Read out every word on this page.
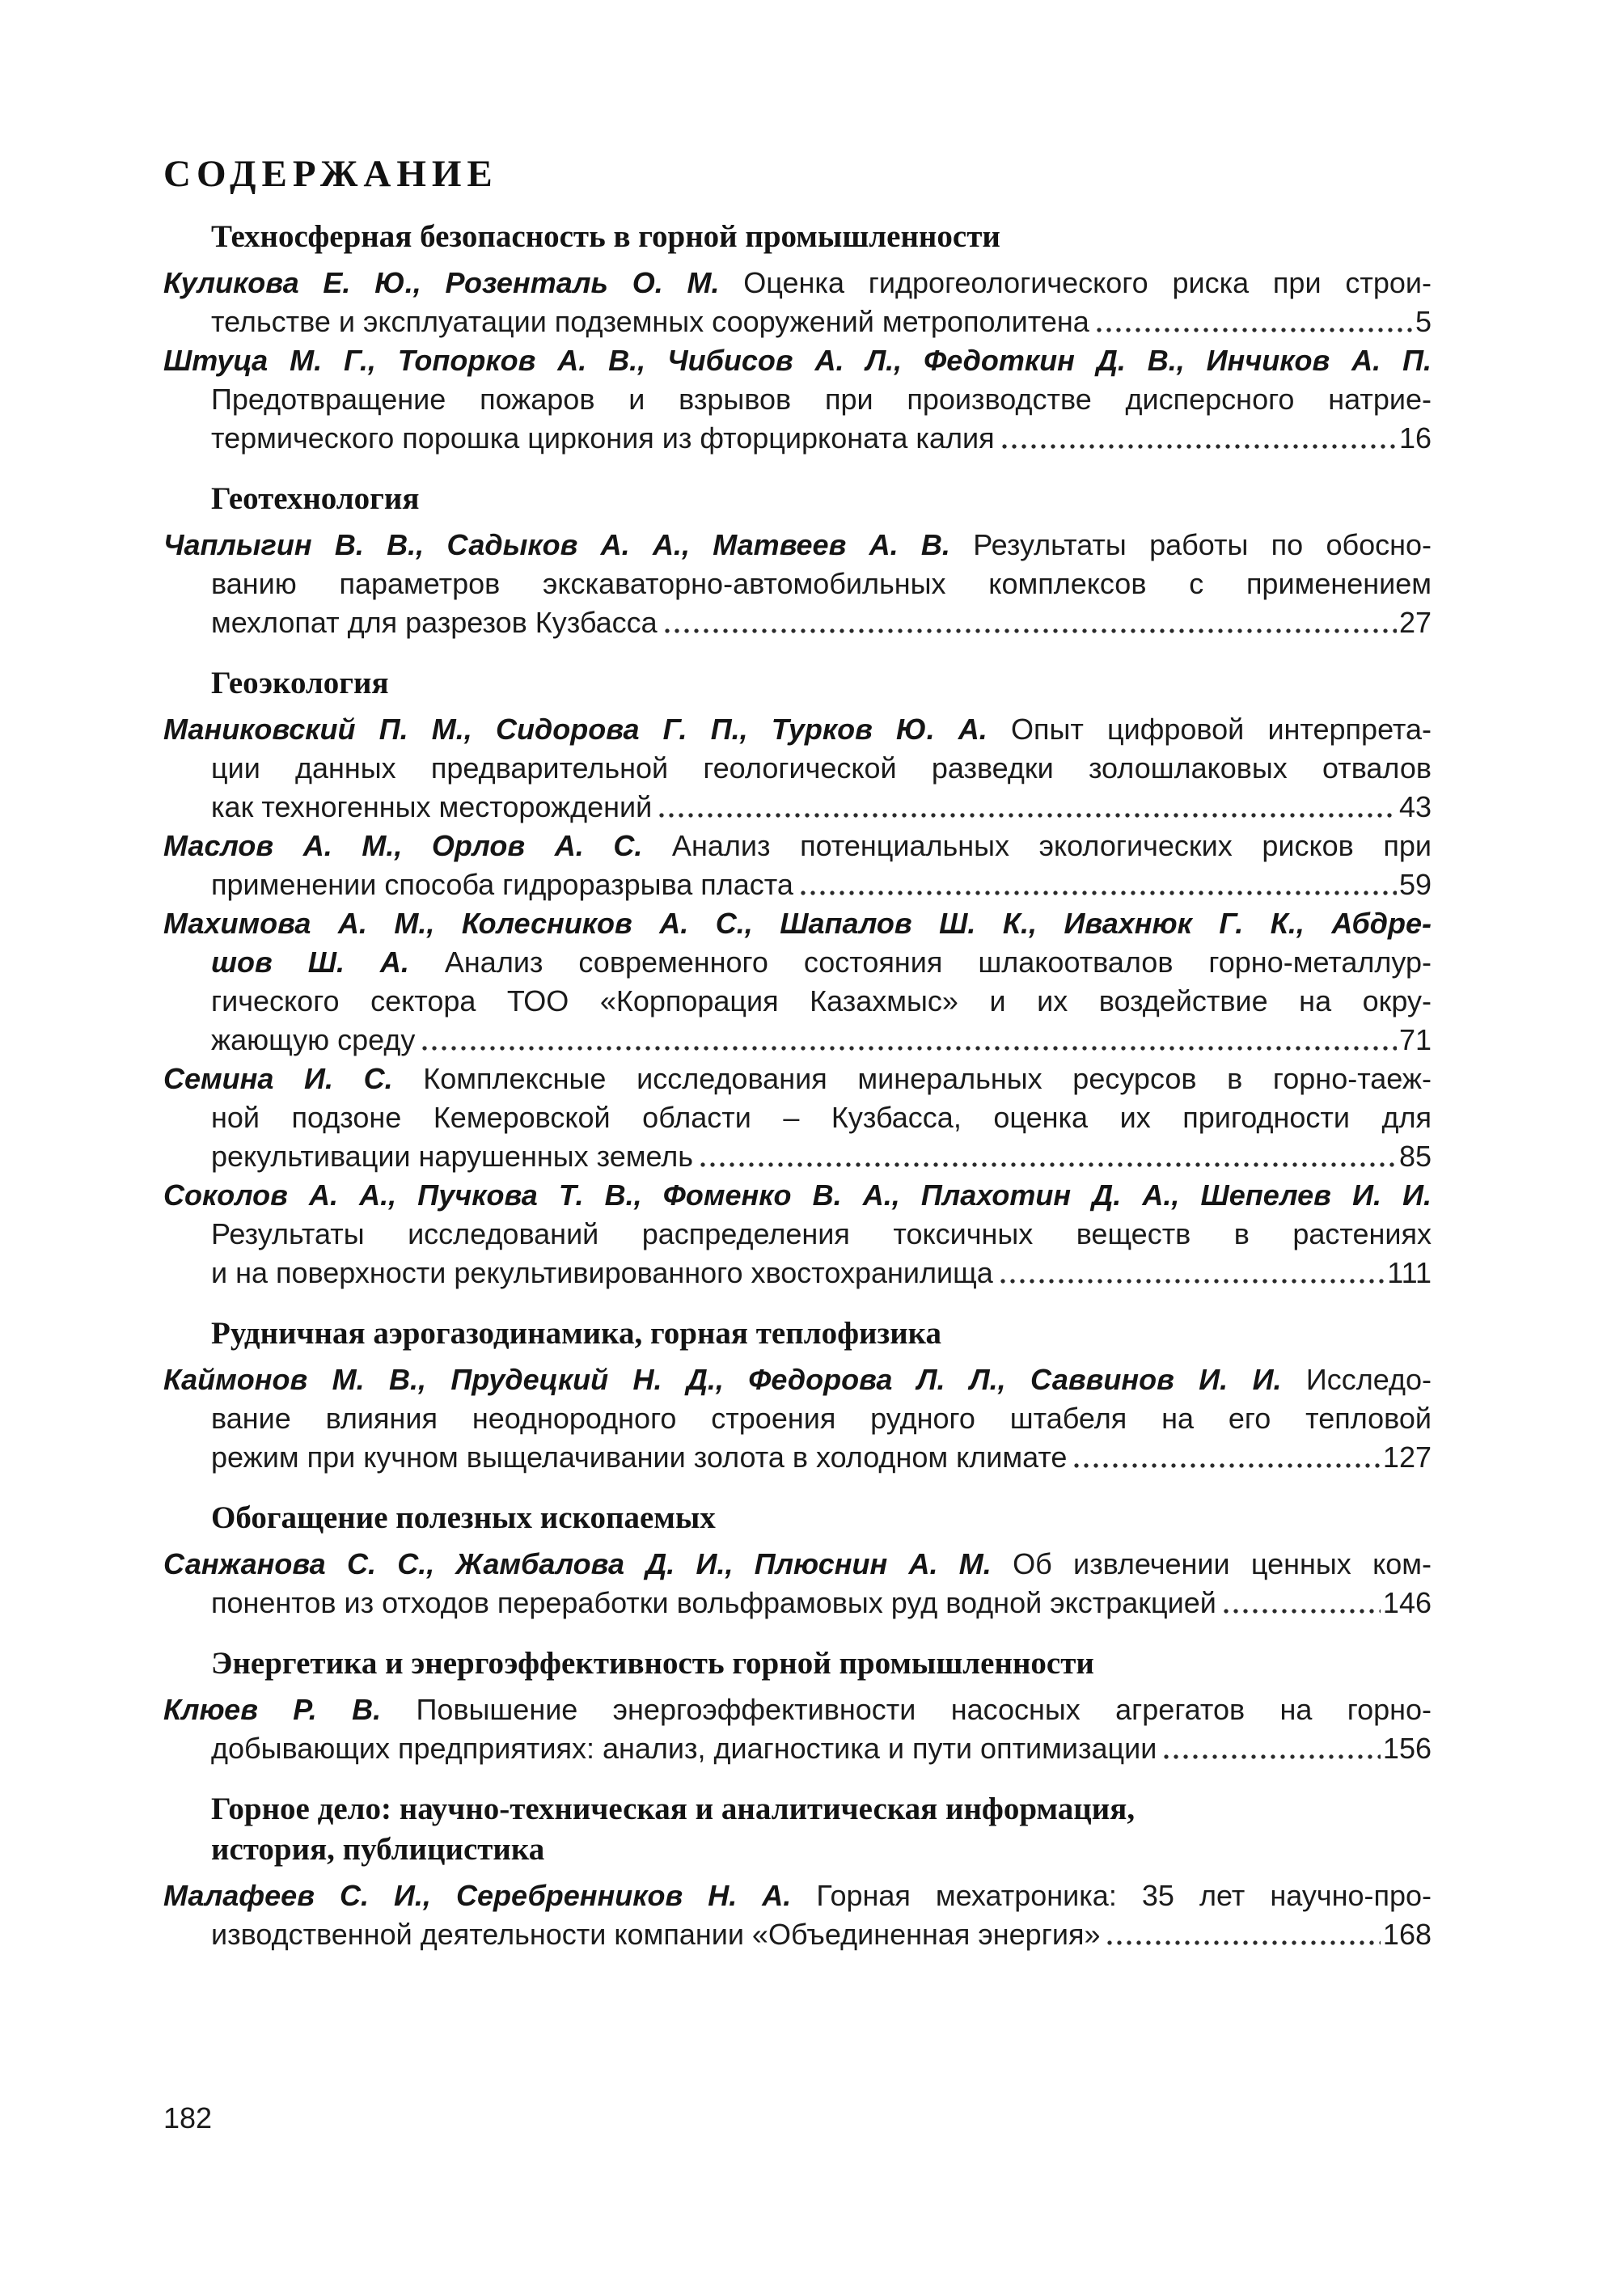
СОДЕРЖАНИЕ
Техносферная безопасность в горной промышленности
Куликова Е. Ю., Розенталь О. М. Оценка гидрогеологического риска при строи-
тельстве и эксплуатации подземных сооружений метрополитена	5
Штуца М. Г., Топорков А. В., Чибисов А. Л., Федоткин Д. В., Инчиков А. П.
Предотвращение пожаров и взрывов при производстве дисперсного натрие-
термического порошка циркония из фторцирконата калия	16
Геотехнология
Чаплыгин В. В., Садыков А. А., Матвеев А. В. Результаты работы по обосно-
ванию параметров экскаваторно-автомобильных комплексов с применением
мехлопат для разрезов Кузбасса	27
Геоэкология
Маниковский П. М., Сидорова Г. П., Турков Ю. А. Опыт цифровой интерпрета-
ции данных предварительной геологической разведки золошлаковых отвалов
как техногенных месторождений	43
Маслов А. М., Орлов А. С. Анализ потенциальных экологических рисков при
применении способа гидроразрыва пласта	59
Махимова А. М., Колесников А. С., Шапалов Ш. К., Ивахнюк Г. К., Абдре-
шов Ш. А. Анализ современного состояния шлакоотвалов горно-металлур-
гического сектора ТОО «Корпорация Казахмыс» и их воздействие на окру-
жающую среду	71
Семина И. С. Комплексные исследования минеральных ресурсов в горно-таеж-
ной подзоне Кемеровской области – Кузбасса, оценка их пригодности для
рекультивации нарушенных земель	85
Соколов А. А., Пучкова Т. В., Фоменко В. А., Плахотин Д. А., Шепелев И. И.
Результаты исследований распределения токсичных веществ в растениях
и на поверхности рекультивированного хвостохранилища	111
Рудничная аэрогазодинамика, горная теплофизика
Каймонов М. В., Прудецкий Н. Д., Федорова Л. Л., Саввинов И. И. Исследо-
вание влияния неоднородного строения рудного штабеля на его тепловой
режим при кучном выщелачивании золота в холодном климате	127
Обогащение полезных ископаемых
Санжанова С. С., Жамбалова Д. И., Плюснин А. М. Об извлечении ценных ком-
понентов из отходов переработки вольфрамовых руд водной экстракцией	146
Энергетика и энергоэффективность горной промышленности
Клюев Р. В. Повышение энергоэффективности насосных агрегатов на горно-
добывающих предприятиях: анализ, диагностика и пути оптимизации	156
Горное дело: научно-техническая и аналитическая информация,
история, публицистика
Малафеев С. И., Серебренников Н. А. Горная мехатроника: 35 лет научно-про-
изводственной деятельности компании «Объединенная энергия»	168
182
